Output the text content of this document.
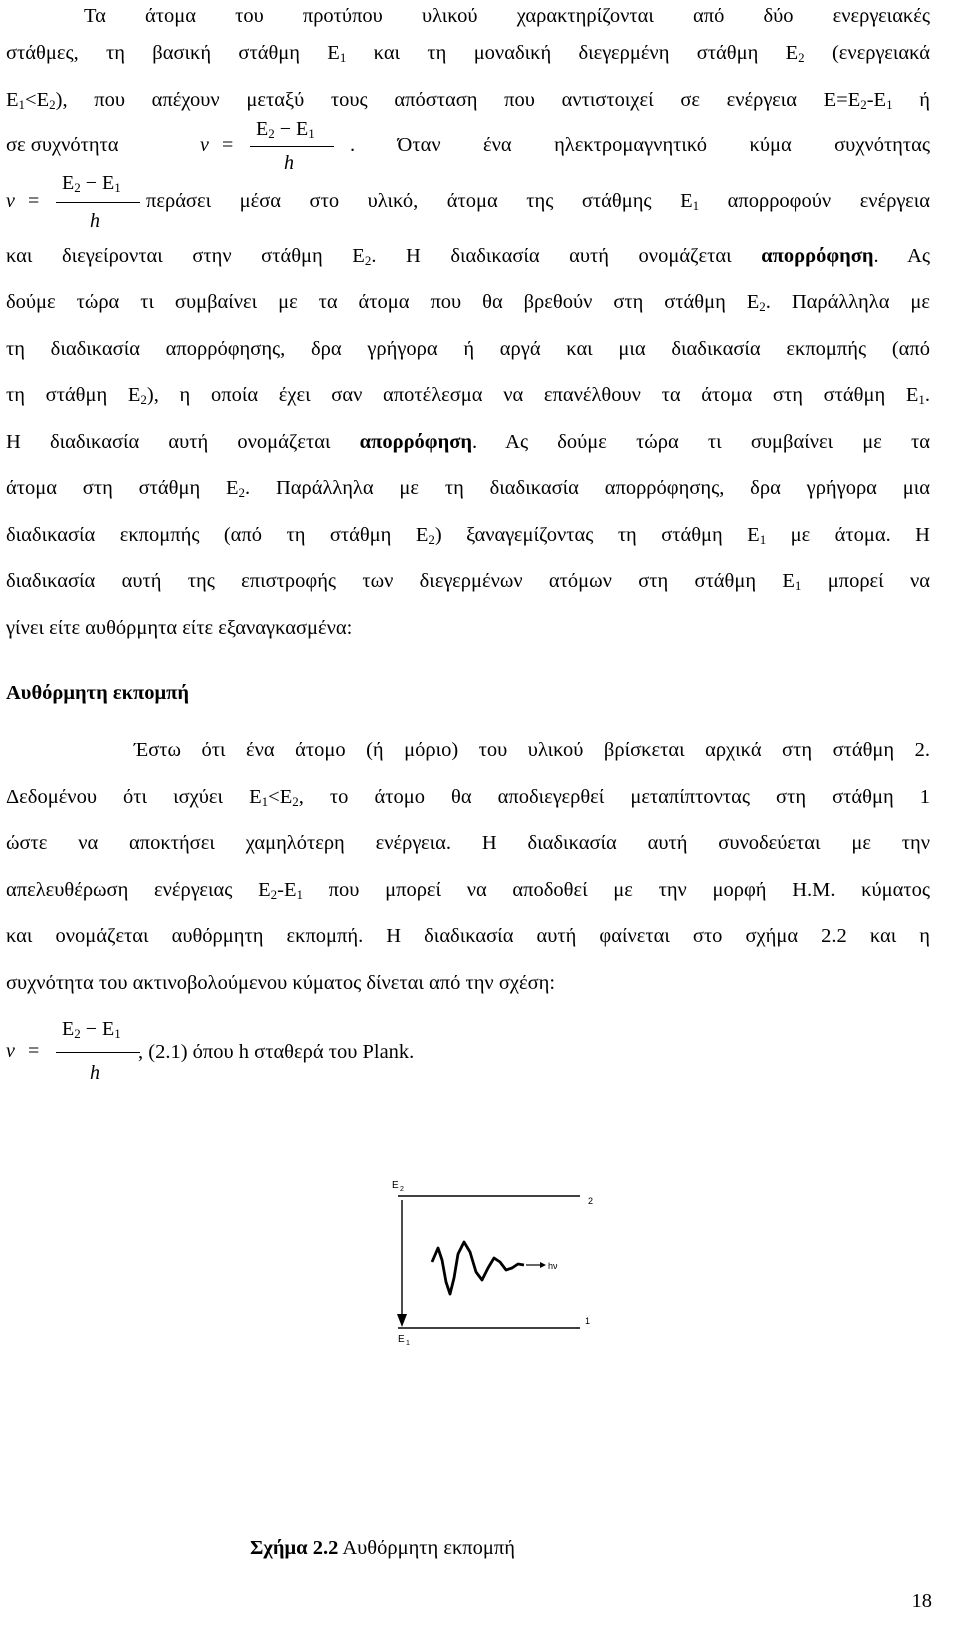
Τα άτομα του προτύπου υλικού χαρακτηρίζονται από δύο ενεργειακές
στάθμες, τη βασική στάθμη $E_1$ και τη μοναδική διεγερμένη στάθμη $E_2$ (ενεργειακά
$E_1<E_2$), που απέχουν μεταξύ τους απόσταση που αντιστοιχεί σε ενέργεια $E=E_2-E_1$ ή
σε συχνότητα	ν =
$E_2 - E_1$
h
. Όταν ένα ηλεκτρομαγνητικό κύμα συχνότητας
ν =
$E_2 - E_1$
h
περάσει μέσα στο υλικό, άτομα της στάθμης $E_1$ απορροφούν ενέργεια
και διεγείρονται στην στάθμη $E_2$. Η διαδικασία αυτή ονομάζεται απορρόφηση. Ας
δούμε τώρα τι συμβαίνει με τα άτομα που θα βρεθούν στη στάθμη $E_2$. Παράλληλα με
τη διαδικασία απορρόφησης, δρα γρήγορα ή αργά και μια διαδικασία εκπομπής (από
τη στάθμη $E_2$), η οποία έχει σαν αποτέλεσμα να επανέλθουν τα άτομα στη στάθμη $E_1$.
Η διαδικασία αυτή ονομάζεται απορρόφηση. Ας δούμε τώρα τι συμβαίνει με τα
άτομα στη στάθμη $E_2$. Παράλληλα με τη διαδικασία απορρόφησης, δρα γρήγορα μια
διαδικασία εκπομπής (από τη στάθμη $E_2$) ξαναγεμίζοντας τη στάθμη $E_1$ με άτομα. Η
διαδικασία αυτή της επιστροφής των διεγερμένων ατόμων στη στάθμη $E_1$ μπορεί να
γίνει είτε αυθόρμητα είτε εξαναγκασμένα:
Αυθόρμητη εκπομπή
Έστω ότι ένα άτομο (ή μόριο) του υλικού βρίσκεται αρχικά στη στάθμη 2.
Δεδομένου ότι ισχύει $E_1<E_2$, το άτομο θα αποδιεγερθεί μεταπίπτοντας στη στάθμη 1
ώστε να αποκτήσει χαμηλότερη ενέργεια. Η διαδικασία αυτή συνοδεύεται με την
απελευθέρωση ενέργειας $E_2-E_1$ που μπορεί να αποδοθεί με την μορφή Η.Μ. κύματος
και ονομάζεται αυθόρμητη εκπομπή. Η διαδικασία αυτή φαίνεται στο σχήμα 2.2 και η
συχνότητα του ακτινοβολούμενου κύματος δίνεται από την σχέση:
ν =
$E_2 - E_1$
h
, (2.1) όπου h σταθερά του Plank.
E 2
2
E 1
1
hν
Σχήμα 2.2 Αυθόρμητη εκπομπή
18
